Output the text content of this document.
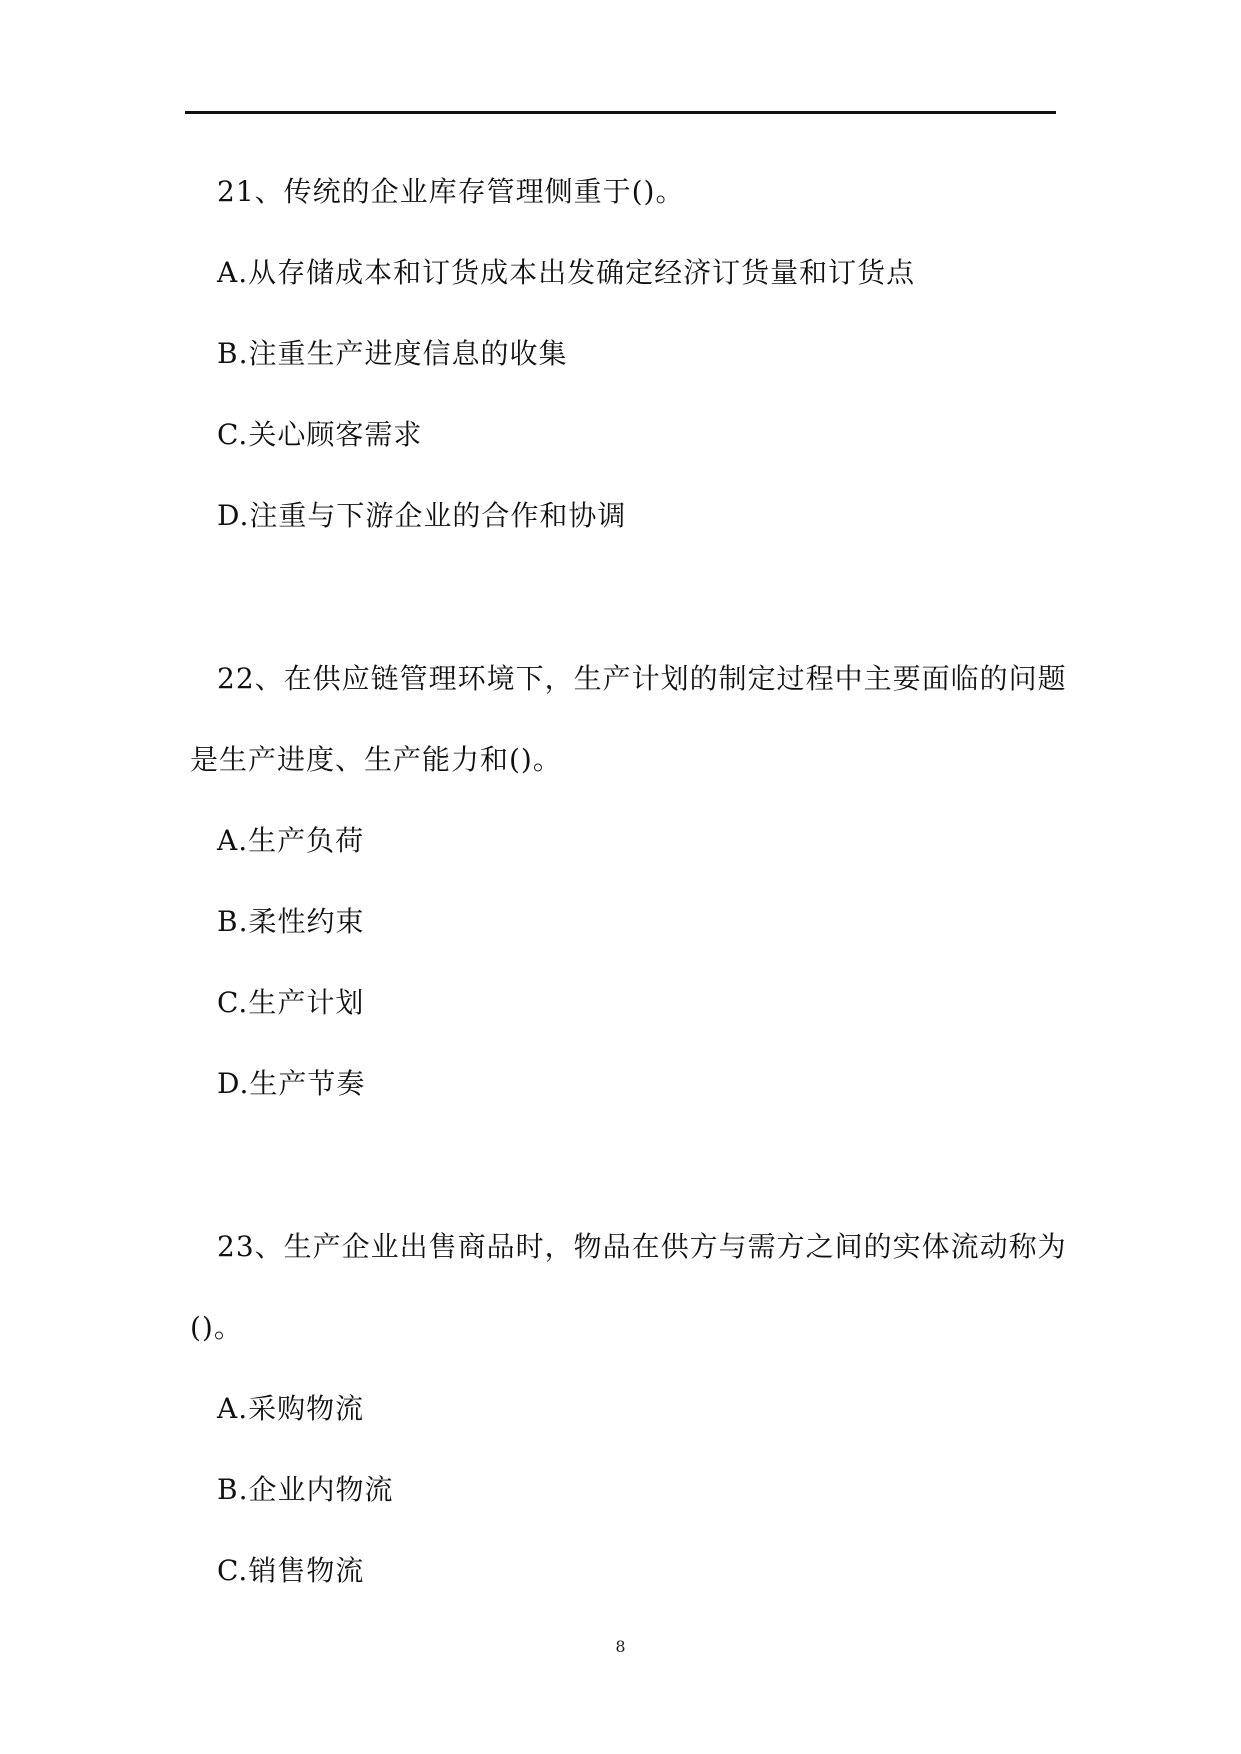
21、传统的企业库存管理侧重于()。
A.从存储成本和订货成本出发确定经济订货量和订货点
B.注重生产进度信息的收集
C.关心顾客需求
D.注重与下游企业的合作和协调
22、在供应链管理环境下，生产计划的制定过程中主要面临的问题
是生产进度、生产能力和()。
A.生产负荷
B.柔性约束
C.生产计划
D.生产节奏
23、生产企业出售商品时，物品在供方与需方之间的实体流动称为
()。
A.采购物流
B.企业内物流
C.销售物流
8
